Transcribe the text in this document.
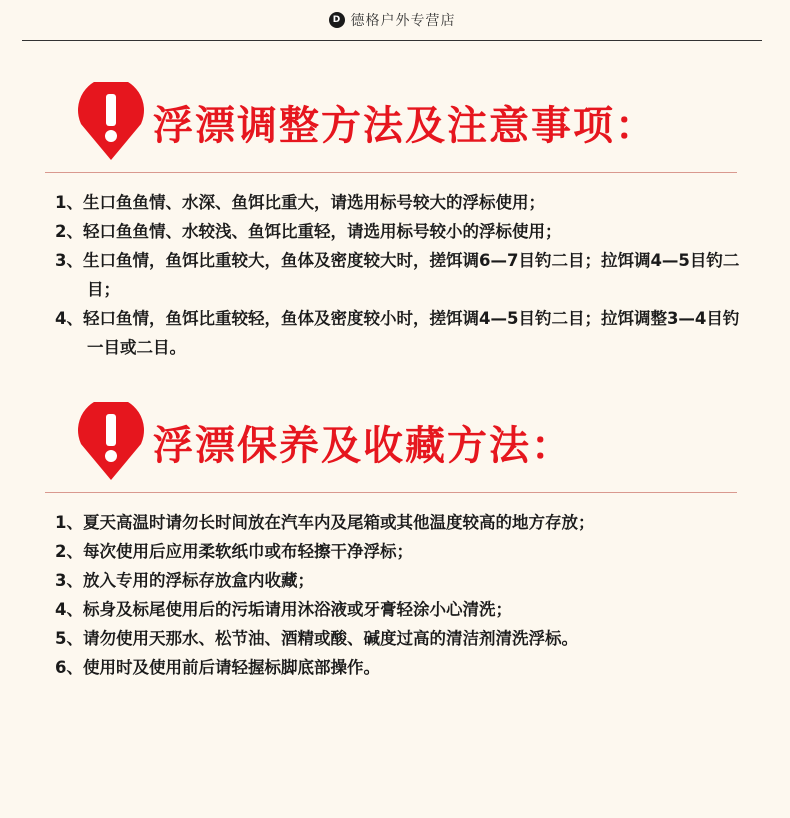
D 德格户外专营店
浮漂调整方法及注意事项：
1、生口鱼鱼情、水深、鱼饵比重大，请选用标号较大的浮标使用；
2、轻口鱼鱼情、水较浅、鱼饵比重轻，请选用标号较小的浮标使用；
3、生口鱼情，鱼饵比重较大，鱼体及密度较大时，搓饵调6—7目钓二目；拉饵调4—5目钓二目；
4、轻口鱼情，鱼饵比重较轻，鱼体及密度较小时，搓饵调4—5目钓二目；拉饵调整3—4目钓一目或二目。
浮漂保养及收藏方法：
1、夏天高温时请勿长时间放在汽车内及尾箱或其他温度较高的地方存放；
2、每次使用后应用柔软纸巾或布轻擦干净浮标；
3、放入专用的浮标存放盒内收藏；
4、标身及标尾使用后的污垢请用沐浴液或牙膏轻涂小心清洗；
5、请勿使用天那水、松节油、酒精或酸、碱度过高的清洁剂清洗浮标。
6、使用时及使用前后请轻握标脚底部操作。
